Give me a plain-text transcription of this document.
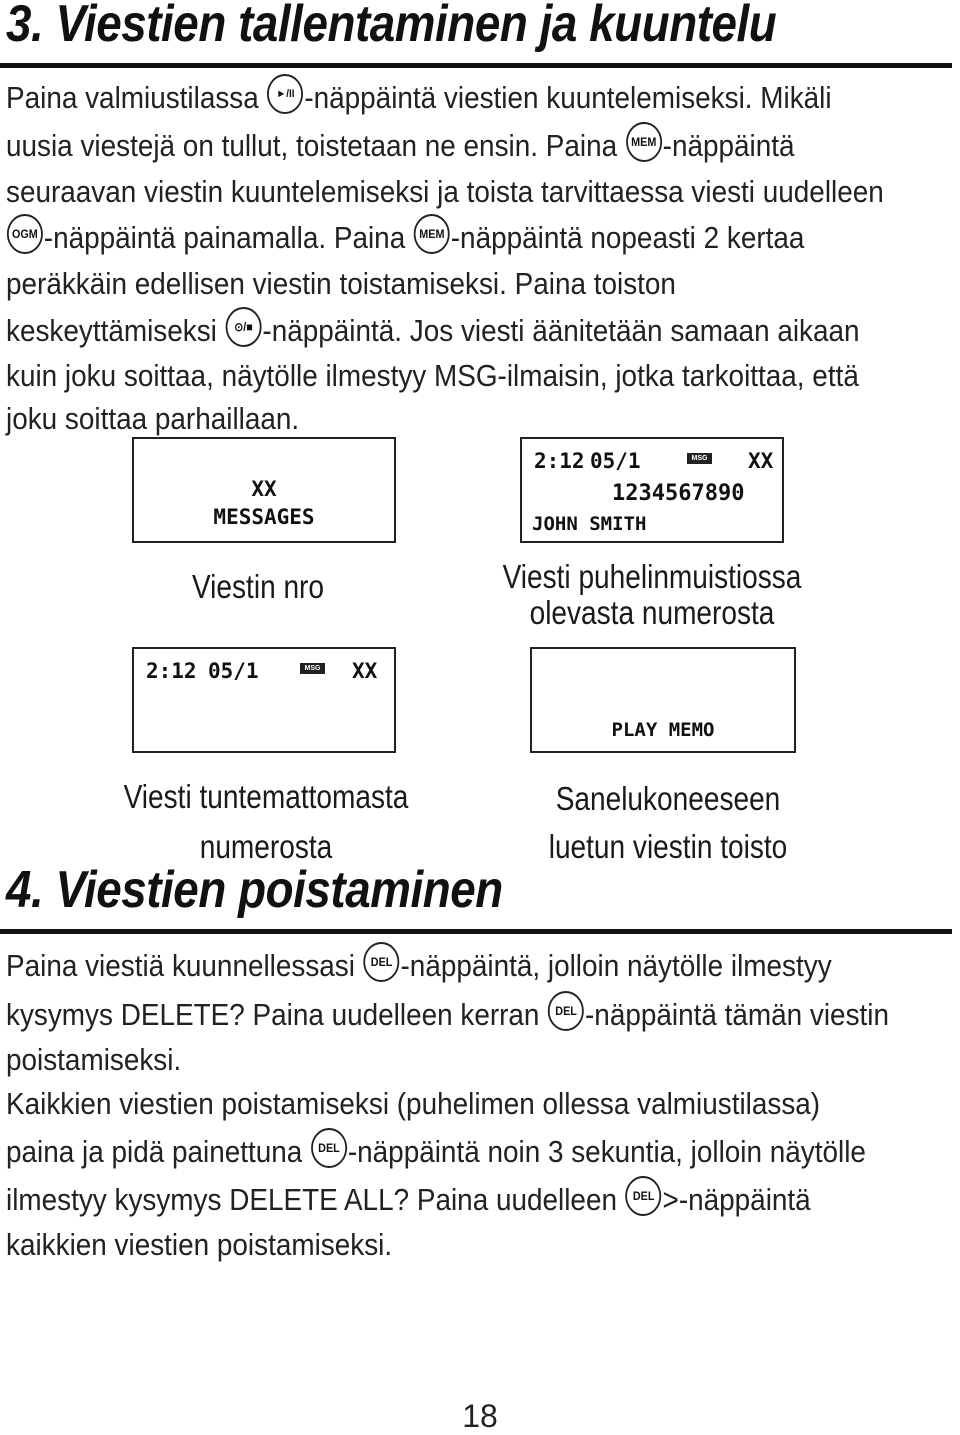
3. Viestien tallentaminen ja kuuntelu
Paina valmiustilassa ►/II -näppäintä viestien kuuntelemiseksi. Mikäli
uusia viestejä on tullut, toistetaan ne ensin. Paina MEM -näppäintä
seuraavan viestin kuuntelemiseksi ja toista tarvittaessa viesti uudelleen
OGM -näppäintä painamalla. Paina MEM -näppäintä nopeasti 2 kertaa
peräkkäin edellisen viestin toistamiseksi. Paina toiston
keskeyttämiseksi ⊙/■ -näppäintä. Jos viesti äänitetään samaan aikaan
kuin joku soittaa, näytölle ilmestyy MSG-ilmaisin, jotka tarkoittaa, että
joku soittaa parhaillaan.
XX
MESSAGES
2:12 05/1	MSG XX
1234567890
JOHN SMITH
Viestin nro	Viesti puhelinmuistiossa
olevasta numerosta
2:12 05/1	MSG XX
PLAY MEMO
Viesti tuntemattomasta
numerosta
Sanelukoneeseen
luetun viestin toisto
4. Viestien poistaminen
Paina viestiä kuunnellessasi DEL -näppäintä, jolloin näytölle ilmestyy
kysymys DELETE? Paina uudelleen kerran DEL -näppäintä tämän viestin
poistamiseksi.
Kaikkien viestien poistamiseksi (puhelimen ollessa valmiustilassa)
paina ja pidä painettuna DEL -näppäintä noin 3 sekuntia, jolloin näytölle
ilmestyy kysymys DELETE ALL? Paina uudelleen DEL >-näppäintä
kaikkien viestien poistamiseksi.
18
